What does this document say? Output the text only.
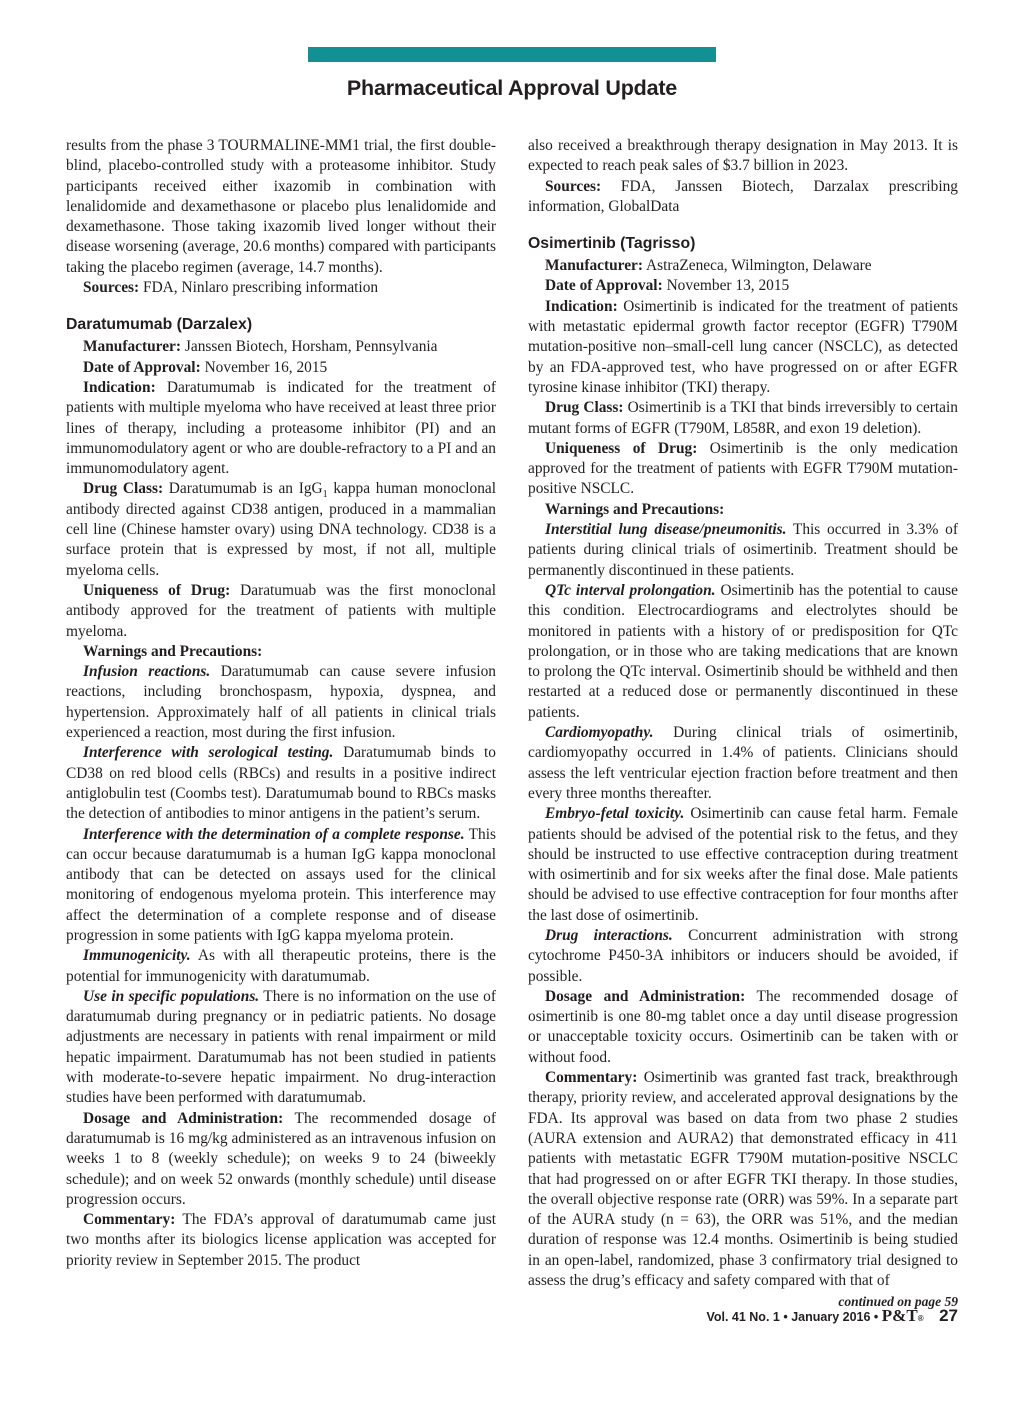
Pharmaceutical Approval Update

results from the phase 3 TOURMALINE-MM1 trial, the first double-blind, placebo-controlled study with a proteasome inhibitor. Study participants received either ixazomib in combination with lenalidomide and dexamethasone or placebo plus lenalidomide and dexamethasone. Those taking ixazomib lived longer without their disease worsening (average, 20.6 months) compared with participants taking the placebo regimen (average, 14.7 months).

Sources: FDA, Ninlaro prescribing information

Daratumumab (Darzalex)

Manufacturer: Janssen Biotech, Horsham, Pennsylvania

Date of Approval: November 16, 2015

Indication: Daratumumab is indicated for the treatment of patients with multiple myeloma who have received at least three prior lines of therapy, including a proteasome inhibitor (PI) and an immunomodulatory agent or who are double-refractory to a PI and an immunomodulatory agent.

Drug Class: Daratumumab is an IgG$_1$ kappa human monoclonal antibody directed against CD38 antigen, produced in a mammalian cell line (Chinese hamster ovary) using DNA technology. CD38 is a surface protein that is expressed by most, if not all, multiple myeloma cells.

Uniqueness of Drug: Daratumuab was the first monoclonal antibody approved for the treatment of patients with multiple myeloma.

Warnings and Precautions:

Infusion reactions. Daratumumab can cause severe infusion reactions, including bronchospasm, hypoxia, dyspnea, and hypertension. Approximately half of all patients in clinical trials experienced a reaction, most during the first infusion.

Interference with serological testing. Daratumumab binds to CD38 on red blood cells (RBCs) and results in a positive indirect antiglobulin test (Coombs test). Daratumumab bound to RBCs masks the detection of antibodies to minor antigens in the patient’s serum.

Interference with the determination of a complete response. This can occur because daratumumab is a human IgG kappa monoclonal antibody that can be detected on assays used for the clinical monitoring of endogenous myeloma protein. This interference may affect the determination of a complete response and of disease progression in some patients with IgG kappa myeloma protein.

Immunogenicity. As with all therapeutic proteins, there is the potential for immunogenicity with daratumumab.

Use in specific populations. There is no information on the use of daratumumab during pregnancy or in pediatric patients. No dosage adjustments are necessary in patients with renal impairment or mild hepatic impairment. Daratumumab has not been studied in patients with moderate-to-severe hepatic impairment. No drug-interaction studies have been performed with daratumumab.

Dosage and Administration: The recommended dosage of daratumumab is 16 mg/kg administered as an intravenous infusion on weeks 1 to 8 (weekly schedule); on weeks 9 to 24 (biweekly schedule); and on week 52 onwards (monthly schedule) until disease progression occurs.

Commentary: The FDA’s approval of daratumumab came just two months after its biologics license application was accepted for priority review in September 2015. The product

also received a breakthrough therapy designation in May 2013. It is expected to reach peak sales of $3.7 billion in 2023.

Sources: FDA, Janssen Biotech, Darzalax prescribing information, GlobalData

Osimertinib (Tagrisso)

Manufacturer: AstraZeneca, Wilmington, Delaware

Date of Approval: November 13, 2015

Indication: Osimertinib is indicated for the treatment of patients with metastatic epidermal growth factor receptor (EGFR) T790M mutation-positive non–small-cell lung cancer (NSCLC), as detected by an FDA-approved test, who have progressed on or after EGFR tyrosine kinase inhibitor (TKI) therapy.

Drug Class: Osimertinib is a TKI that binds irreversibly to certain mutant forms of EGFR (T790M, L858R, and exon 19 deletion).

Uniqueness of Drug: Osimertinib is the only medication approved for the treatment of patients with EGFR T790M mutation-positive NSCLC.

Warnings and Precautions:

Interstitial lung disease/pneumonitis. This occurred in 3.3% of patients during clinical trials of osimertinib. Treatment should be permanently discontinued in these patients.

QTc interval prolongation. Osimertinib has the potential to cause this condition. Electrocardiograms and electrolytes should be monitored in patients with a history of or predisposition for QTc prolongation, or in those who are taking medications that are known to prolong the QTc interval. Osimertinib should be withheld and then restarted at a reduced dose or permanently discontinued in these patients.

Cardiomyopathy. During clinical trials of osimertinib, cardiomyopathy occurred in 1.4% of patients. Clinicians should assess the left ventricular ejection fraction before treatment and then every three months thereafter.

Embryo-fetal toxicity. Osimertinib can cause fetal harm. Female patients should be advised of the potential risk to the fetus, and they should be instructed to use effective contraception during treatment with osimertinib and for six weeks after the final dose. Male patients should be advised to use effective contraception for four months after the last dose of osimertinib.

Drug interactions. Concurrent administration with strong cytochrome P450-3A inhibitors or inducers should be avoided, if possible.

Dosage and Administration: The recommended dosage of osimertinib is one 80-mg tablet once a day until disease progression or unacceptable toxicity occurs. Osimertinib can be taken with or without food.

Commentary: Osimertinib was granted fast track, breakthrough therapy, priority review, and accelerated approval designations by the FDA. Its approval was based on data from two phase 2 studies (AURA extension and AURA2) that demonstrated efficacy in 411 patients with metastatic EGFR T790M mutation-positive NSCLC that had progressed on or after EGFR TKI therapy. In those studies, the overall objective response rate (ORR) was 59%. In a separate part of the AURA study (n = 63), the ORR was 51%, and the median duration of response was 12.4 months. Osimertinib is being studied in an open-label, randomized, phase 3 confirmatory trial designed to assess the drug’s efficacy and safety compared with that of

continued on page 59

Vol. 41 No. 1 • January 2016 • P&T® 27
